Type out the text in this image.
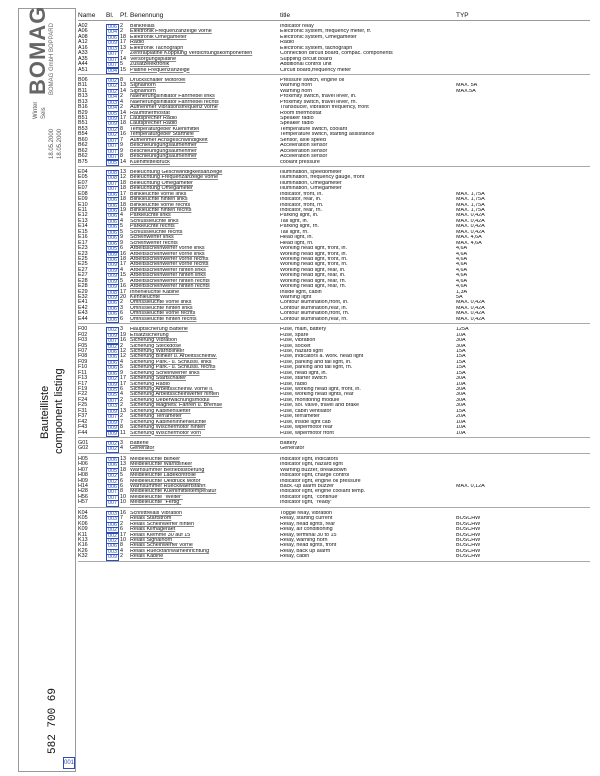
BOMAG BOMAG GmbH BOPPARD
18.05.2000 18.05.2000
Winter Seis
Bauteilliste component listing
582 700 69
001
Name	Bl. Pf. Benennung	title	TYP
A02	006 2	Blinkrelais	Indicator relay
A06	004 2	Elektronik Frequenzanzeige vorne	Electronic system, frequency meter, fr.
A08	006 18 Elektronik Omegameter	Electronic system, Omegameter
A12	009 17 Radio	Radio
A16	003 13 Elektronik Tachograph	Electronic system, tachograph
A33	007 7	Zentralplatine Kopplung Verdichtungskomponenten	Connection dircuit board, compac. components
A35	007 14 Versorgungsplatine	Suppling circuit board
A44	007 5	Zusatzelektronik	Additional control unit
A51	004 15 Platine Frequenzanzeige	Circuit board,frequency meter
B06	002 8	Druckschalter Motoroel	Pressure switch, engine oil
B11	002 13 Signalhorn	Warning horn	MAX. 5A
B11	002 14 Signalhorn	Warning horn	MAX.5A
B13	004 2	Naeherungsinitiator Fahrhebel links	Proximity switch, travel lever, lh.
B13	003 4	Naeherungsinitiator Fahrhebel rechts	Proximity switch, travel lever, rh.
B16	004 2	Aufnehmer Vibrationsfrequenz vorne	Transducer, vibration frequency, front
B29	005 14 Raumthermostat	Room thermostat
B51	009 17 Lautsprecher Radio	Speaker radio
B51	009 18 Lautsprecher Radio	Speaker radio
B53	002 8	Temperaturgeber Kuehlmittel	Temperature switch, coolant
B54	002 16 Temperaturgeber Starthilfe	Temperature switch, starting assistance
B60	007 7	Aufnehmer Achsgeschwindigkeit	Sensor, axle speed
B62	007 9	Beschleunigungsaufnehmer	Acceleration sensor
B62	007 9	Beschleunigungsaufnehmer	Acceleration sensor
B62	007 8	Beschleunigungsaufnehmer	Acceleration sensor
B75	005 14 Kuehlmitteldruck	coolant pressure
E04	008 13 Beleuchtung Geschwindigkeitsanzeige	Illumination, speedometer
E05	008 12 Beleuchtung Frequenzanzeige vorne	Illumination, frequency gauge, front
E07	007 18 Beleuchtung Omegameter	Illumination, Omegameter
E07	007 18 Beleuchtung Omegameter	Illumination, Omegameter
E08	006 17 Blinkleuchte vorne links	Indicator, front, lh.	MAX. 1,75A
E09	006 18 Blinkleuchte hinten links	Indicator, rear, lh.	MAX. 1,75A
E10	006 18 Blinkleuchte vorne rechts	Indicator, front, rh.	MAX. 1,75A
E11	006 19 Blinkleuchte hinten rechts	Indicator, rear, rh.	MAX. 1,75A
E12	006 4	Parkleuchte links	Parking light, lh.	MAX. 0,42A
E13	006 4	Schlussleuchte links	Tail light, lh.	MAX. 0,42A
E14	006 5	Parkleuchte rechts	Parking light, rh.	MAX. 0,42A
E15	006 5	Schlussleuchte rechts	Tail light, rh.	MAX. 0,42A
E16	006 9	Scheinwerfer links	Head light, lh.	MAX. 4,6A
E17	006 9	Scheinwerfer rechts	Head light, rh.	MAX. 4,6A
E23	005 6	Arbeitsscheinwerfer vorne links	Working head light, front, lh.	4,6A
E23	009 16 Arbeitsscheinwerfer vorne links	Working head light, front, lh.	4,6A
E25	006 18 Arbeitsscheinwerfer vorne rechts	Working head light, front, rh.	4,6A
E25	009 17 Arbeitsscheinwerfer vorne rechts	Working head light, front, rh.	4,6A
E27	009 4	Arbeitsscheinwerfer hinten links	Working head light, rear, lh.	4,6A
E27	009 15 Arbeitsscheinwerfer hinten links	Working head light, rear, lh.	4,6A
E28	009 5	Arbeitsscheinwerfer hinten rechts	Working head light, rear, rh.	4,6A
E28	009 16 Arbeitsscheinwerfer hinten rechts	Working head light, rear, rh.	4,6A
E29	008 17 Innenleuchte Kabine	Inside light, cabin	1,3A
E32	009 20 Kennleuchte	Warning light	5A
E41	006 2	Umrissleuchte vorne links	Contour illumination,front, lh.	MAX. 0,42A
E42	006 3	Umrissleuchte hinten links	Contour illumination,rear, lh.	MAX. 0,42A
E43	006 6	Umrissleuchte vorne rechts	Contour illumination,front, rh.	MAX. 0,42A
E44	006 6	Umrissleuchte hinten rechts	Contour illumination,rear, rh.	MAX. 0,42A
F00	002 3	Hauptsicherung Batterie	Fuse, main, battery	125A
F02	009 19 Ersatzsicherung	Fuse, spare	10A
F03	007 16 Sicherung Vibration	Fuse, vibration	30A
F05	002 2	Sicherung Steckdose	Fuse, socket	30A
F07	006 12 Sicherung Warnblinker	Fuse, hazard light	15A
F08	006 12 Sicherung Blinker u. Arbeitsscheinw.	Fuse, indicators a. work. head light	15A
F09	006 4	Sicherung Park.- u. Schlussl. links	Fuse, parking and tail light, lh.	15A
F10	006 5	Sicherung Park.- u. Schlussl. rechts	Fuse, parking and tail light, rh.	15A
F11	006 9	Sicherung Scheinwerfer links	Fuse, head light, lh.	15A
F13	002 17 Sicherung Startschalter	Fuse, starter switch	30A
F17	009 17 Sicherung Radio	Fuse, radio	10A
F19	005 6	Sicherung Arbeitsscheinw. vorne li.	Fuse, working head light, front, lh.	30A
F22	005 4	Sicherung Arbeitsscheinwerfer hinten	Fuse, working head lights, rear	30A
F24	007 2	Sicherung Ueberwachungsmodul	Fuse, monitoring module	30A
F25	003 2	Sicherung Magnetv. Fahren u. Bremse	Fuse, sol. valve, travel and brake	30A
F31	009 13 Sicherung Kabinenluefter	Fuse, cabin ventilator	15A
F37	007 2	Sicherung Terrameter	Fuse, terrameter	20A
F42	009 7	Sicherung Kabineninnenleuchte	Fuse, inside light cab	10A
F43	009 8	Sicherung Wischermotor hinten	Fuse, wipermotor rear	10A
F44	009 11 Sicherung Wischermotor vorn	Fuse, wipermotor front	10A
G01	002 3	Batterie	Battery
G02	002 4	Generator	Generator
H05	006 13 Meldeleuchte Blinker	Indicator light, indicators
H06	006 13 Meldeleuchte Warnblinker	Indicator light, hazard light
H07	005 18 Warnsummer Betriebsstoerung	Warning buzzer, breakdown
H08	002 5	Meldeleuchte Ladekontrolle	Indicator light, charge control
H09	002 6	Meldeleuchte Oeldruck Motor	Indicator light, engine oil pressure
H14	006 6	Warnsummer Rueckwaertsfahrt	Back.-up alarm buzzer	MAX. 0,12A
H28	007 8	Meldeleuchte Kuehlmitteltemperatur	Indicator light, engine coolant temp.
H56	007 10 Meldeleuchte "Weiter"	Indicator light, "continue"
H57	007 10 Meldeleuchte "Fertig"	Indicator light, "ready"
K04	003 16 Schnittrelais Vibration	Toggle relay, vibration
K05	003 7	Relais Startstrom	Relay, starting current	BOSCHW
K06	006 2	Relais Scheinwerfer hinten	Relay, head lights, rear	BOSCHW
K09	002 6	Relais Klimageraet	Relay, air conditioning	BOSCHW
K11	002 17 Relais Klemme 30 auf 15	Relay, terminal 30 to 15	BOSCHW
K13	002 10 Relais Signalhorn	Relay, warning horn	BOSCHW
K16	006 8	Relais Scheinwerfer vorne	Relay, head lights, front	BOSCHW
K26	003 4	Relais Rueckfahrwarneinrichtung	Relay, back up alarm	BOSCHW
K32	009 2	Relais Kabine	Relay, cabin	BOSCHW
